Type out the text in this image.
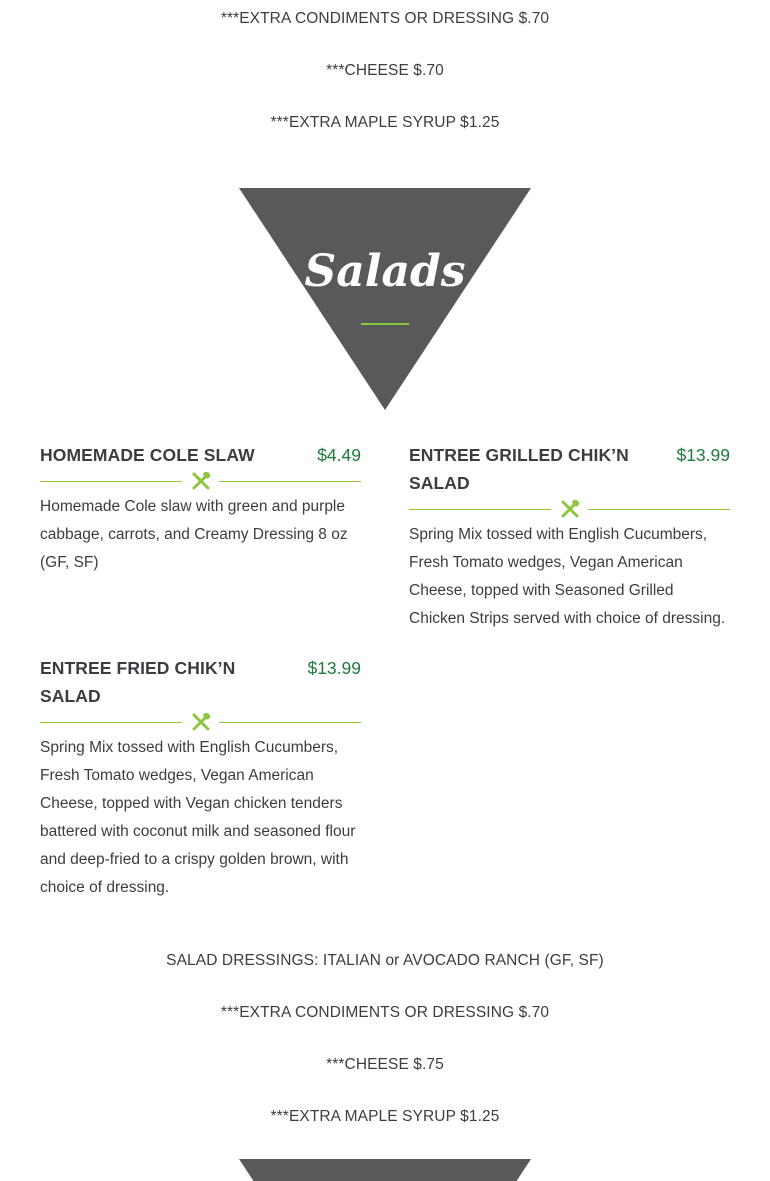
***EXTRA CONDIMENTS OR DRESSING $.70
***CHEESE $.70
***EXTRA MAPLE SYRUP $1.25
Salads
HOMEMADE COLE SLAW	$4.49
Homemade Cole slaw with green and purple cabbage, carrots, and Creamy Dressing 8 oz (GF, SF)
ENTREE GRILLED CHIK’N SALAD
$13.99
Spring Mix tossed with English Cucumbers, Fresh Tomato wedges, Vegan American Cheese, topped with Seasoned Grilled Chicken Strips served with choice of dressing.
ENTREE FRIED CHIK’N SALAD
$13.99
Spring Mix tossed with English Cucumbers, Fresh Tomato wedges, Vegan American Cheese, topped with Vegan chicken tenders battered with coconut milk and seasoned flour and deep-fried to a crispy golden brown, with choice of dressing.
SALAD DRESSINGS: ITALIAN or AVOCADO RANCH (GF, SF)
***EXTRA CONDIMENTS OR DRESSING $.70
***CHEESE $.75
***EXTRA MAPLE SYRUP $1.25
